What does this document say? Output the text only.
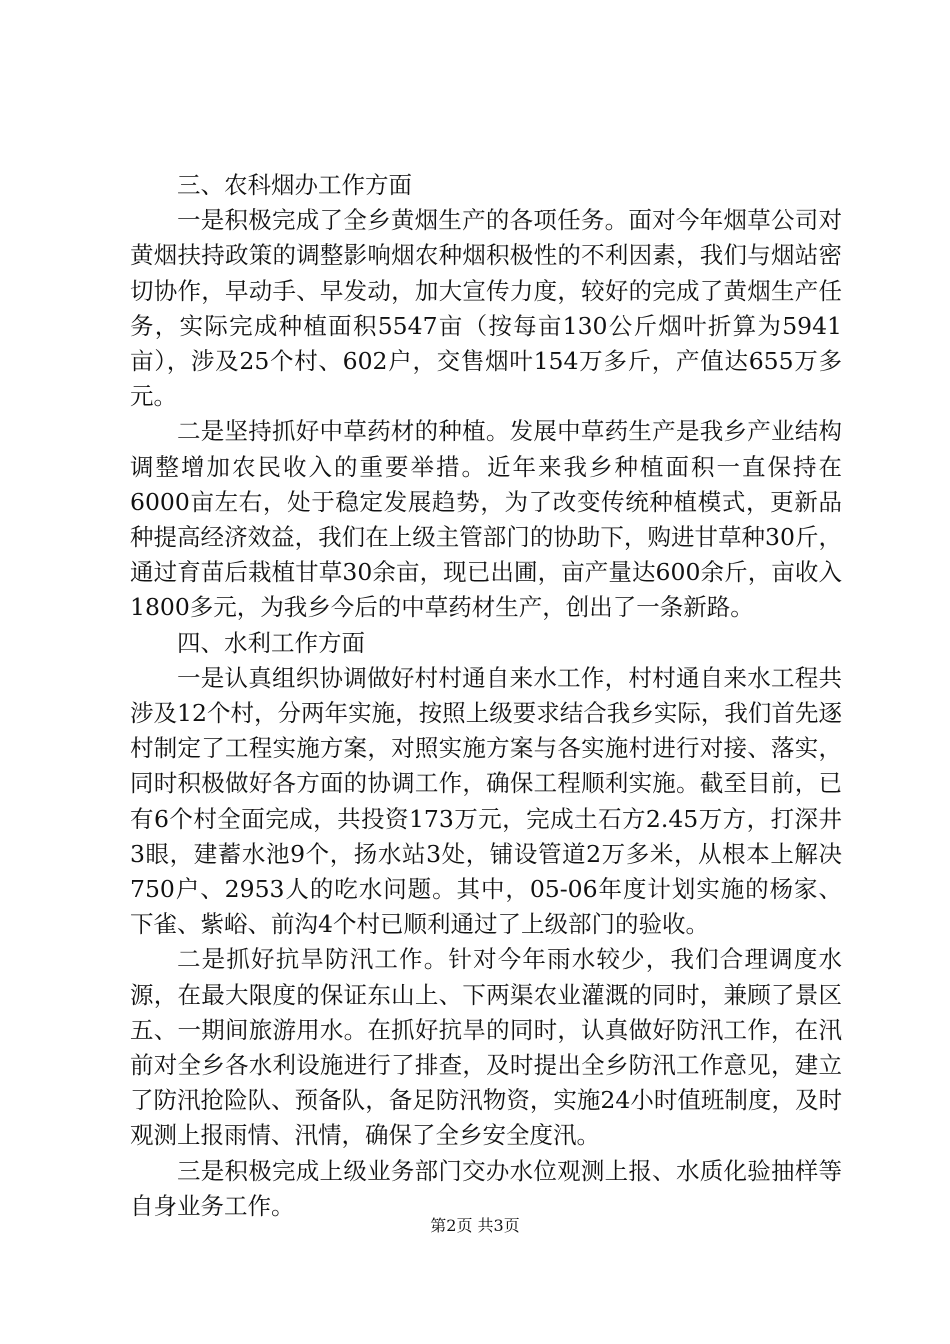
三、农科烟办工作方面

一是积极完成了全乡黄烟生产的各项任务。面对今年烟草公司对黄烟扶持政策的调整影响烟农种烟积极性的不利因素，我们与烟站密切协作，早动手、早发动，加大宣传力度，较好的完成了黄烟生产任务，实际完成种植面积5547亩（按每亩130公斤烟叶折算为5941亩），涉及25个村、602户，交售烟叶154万多斤，产值达655万多元。

二是坚持抓好中草药材的种植。发展中草药生产是我乡产业结构调整增加农民收入的重要举措。近年来我乡种植面积一直保持在6000亩左右，处于稳定发展趋势，为了改变传统种植模式，更新品种提高经济效益，我们在上级主管部门的协助下，购进甘草种30斤，通过育苗后栽植甘草30余亩，现已出圃，亩产量达600余斤，亩收入1800多元，为我乡今后的中草药材生产，创出了一条新路。

四、水利工作方面

一是认真组织协调做好村村通自来水工作，村村通自来水工程共涉及12个村，分两年实施，按照上级要求结合我乡实际，我们首先逐村制定了工程实施方案，对照实施方案与各实施村进行对接、落实，同时积极做好各方面的协调工作，确保工程顺利实施。截至目前，已有6个村全面完成，共投资173万元，完成土石方2.45万方，打深井3眼，建蓄水池9个，扬水站3处，铺设管道2万多米，从根本上解决750户、2953人的吃水问题。其中，05-06年度计划实施的杨家、下雀、紫峪、前沟4个村已顺利通过了上级部门的验收。

二是抓好抗旱防汛工作。针对今年雨水较少，我们合理调度水源，在最大限度的保证东山上、下两渠农业灌溉的同时，兼顾了景区五、一期间旅游用水。在抓好抗旱的同时，认真做好防汛工作，在汛前对全乡各水利设施进行了排查，及时提出全乡防汛工作意见，建立了防汛抢险队、预备队，备足防汛物资，实施24小时值班制度，及时观测上报雨情、汛情，确保了全乡安全度汛。

三是积极完成上级业务部门交办水位观测上报、水质化验抽样等自身业务工作。

第2页 共3页
